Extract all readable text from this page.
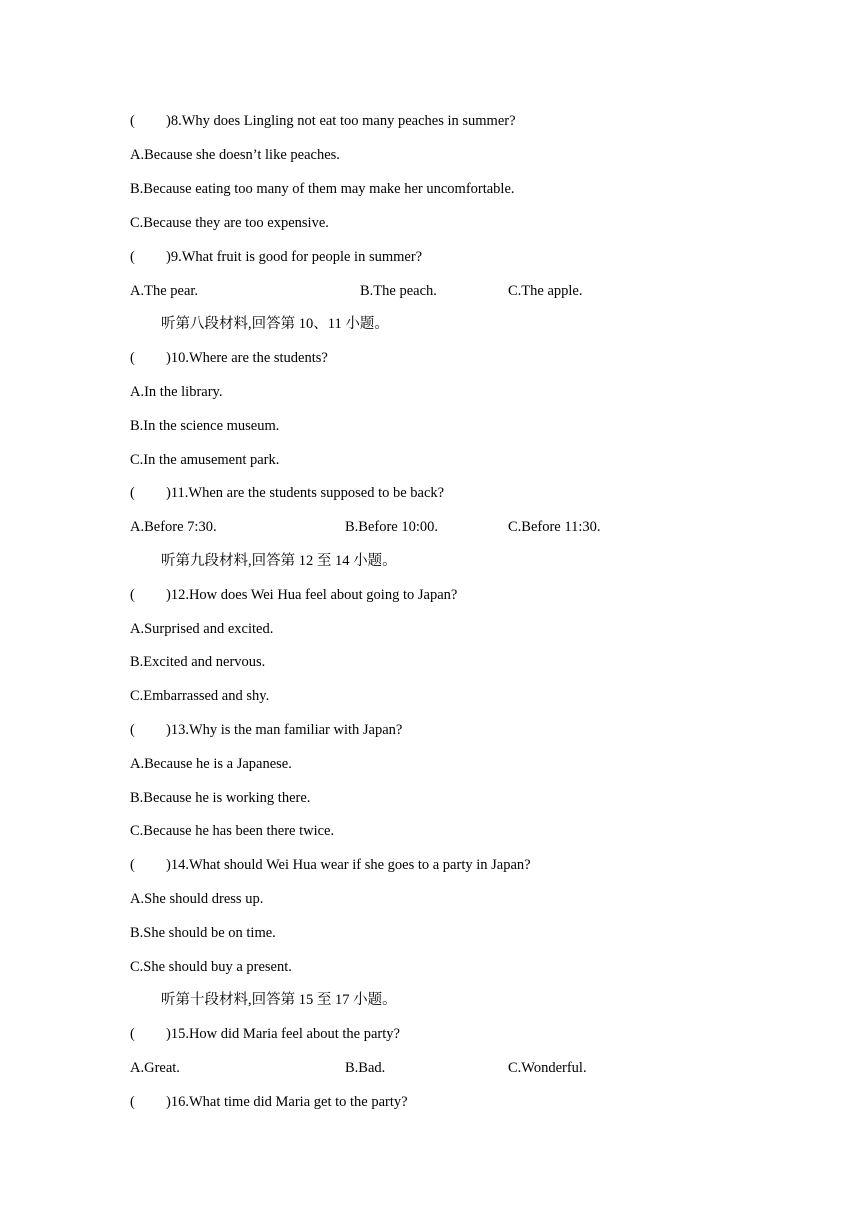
( )8.Why does Lingling not eat too many peaches in summer?
A.Because she doesn’t like peaches.
B.Because eating too many of them may make her uncomfortable.
C.Because they are too expensive.
( )9.What fruit is good for people in summer?
A.The pear.	B.The peach.	C.The apple.
听第八段材料,回答第 10、11 小题。
( )10.Where are the students?
A.In the library.
B.In the science museum.
C.In the amusement park.
( )11.When are the students supposed to be back?
A.Before 7:30.	B.Before 10:00.	C.Before 11:30.
听第九段材料,回答第 12 至 14 小题。
( )12.How does Wei Hua feel about going to Japan?
A.Surprised and excited.
B.Excited and nervous.
C.Embarrassed and shy.
( )13.Why is the man familiar with Japan?
A.Because he is a Japanese.
B.Because he is working there.
C.Because he has been there twice.
( )14.What should Wei Hua wear if she goes to a party in Japan?
A.She should dress up.
B.She should be on time.
C.She should buy a present.
听第十段材料,回答第 15 至 17 小题。
( )15.How did Maria feel about the party?
A.Great.	B.Bad.	C.Wonderful.
( )16.What time did Maria get to the party?
